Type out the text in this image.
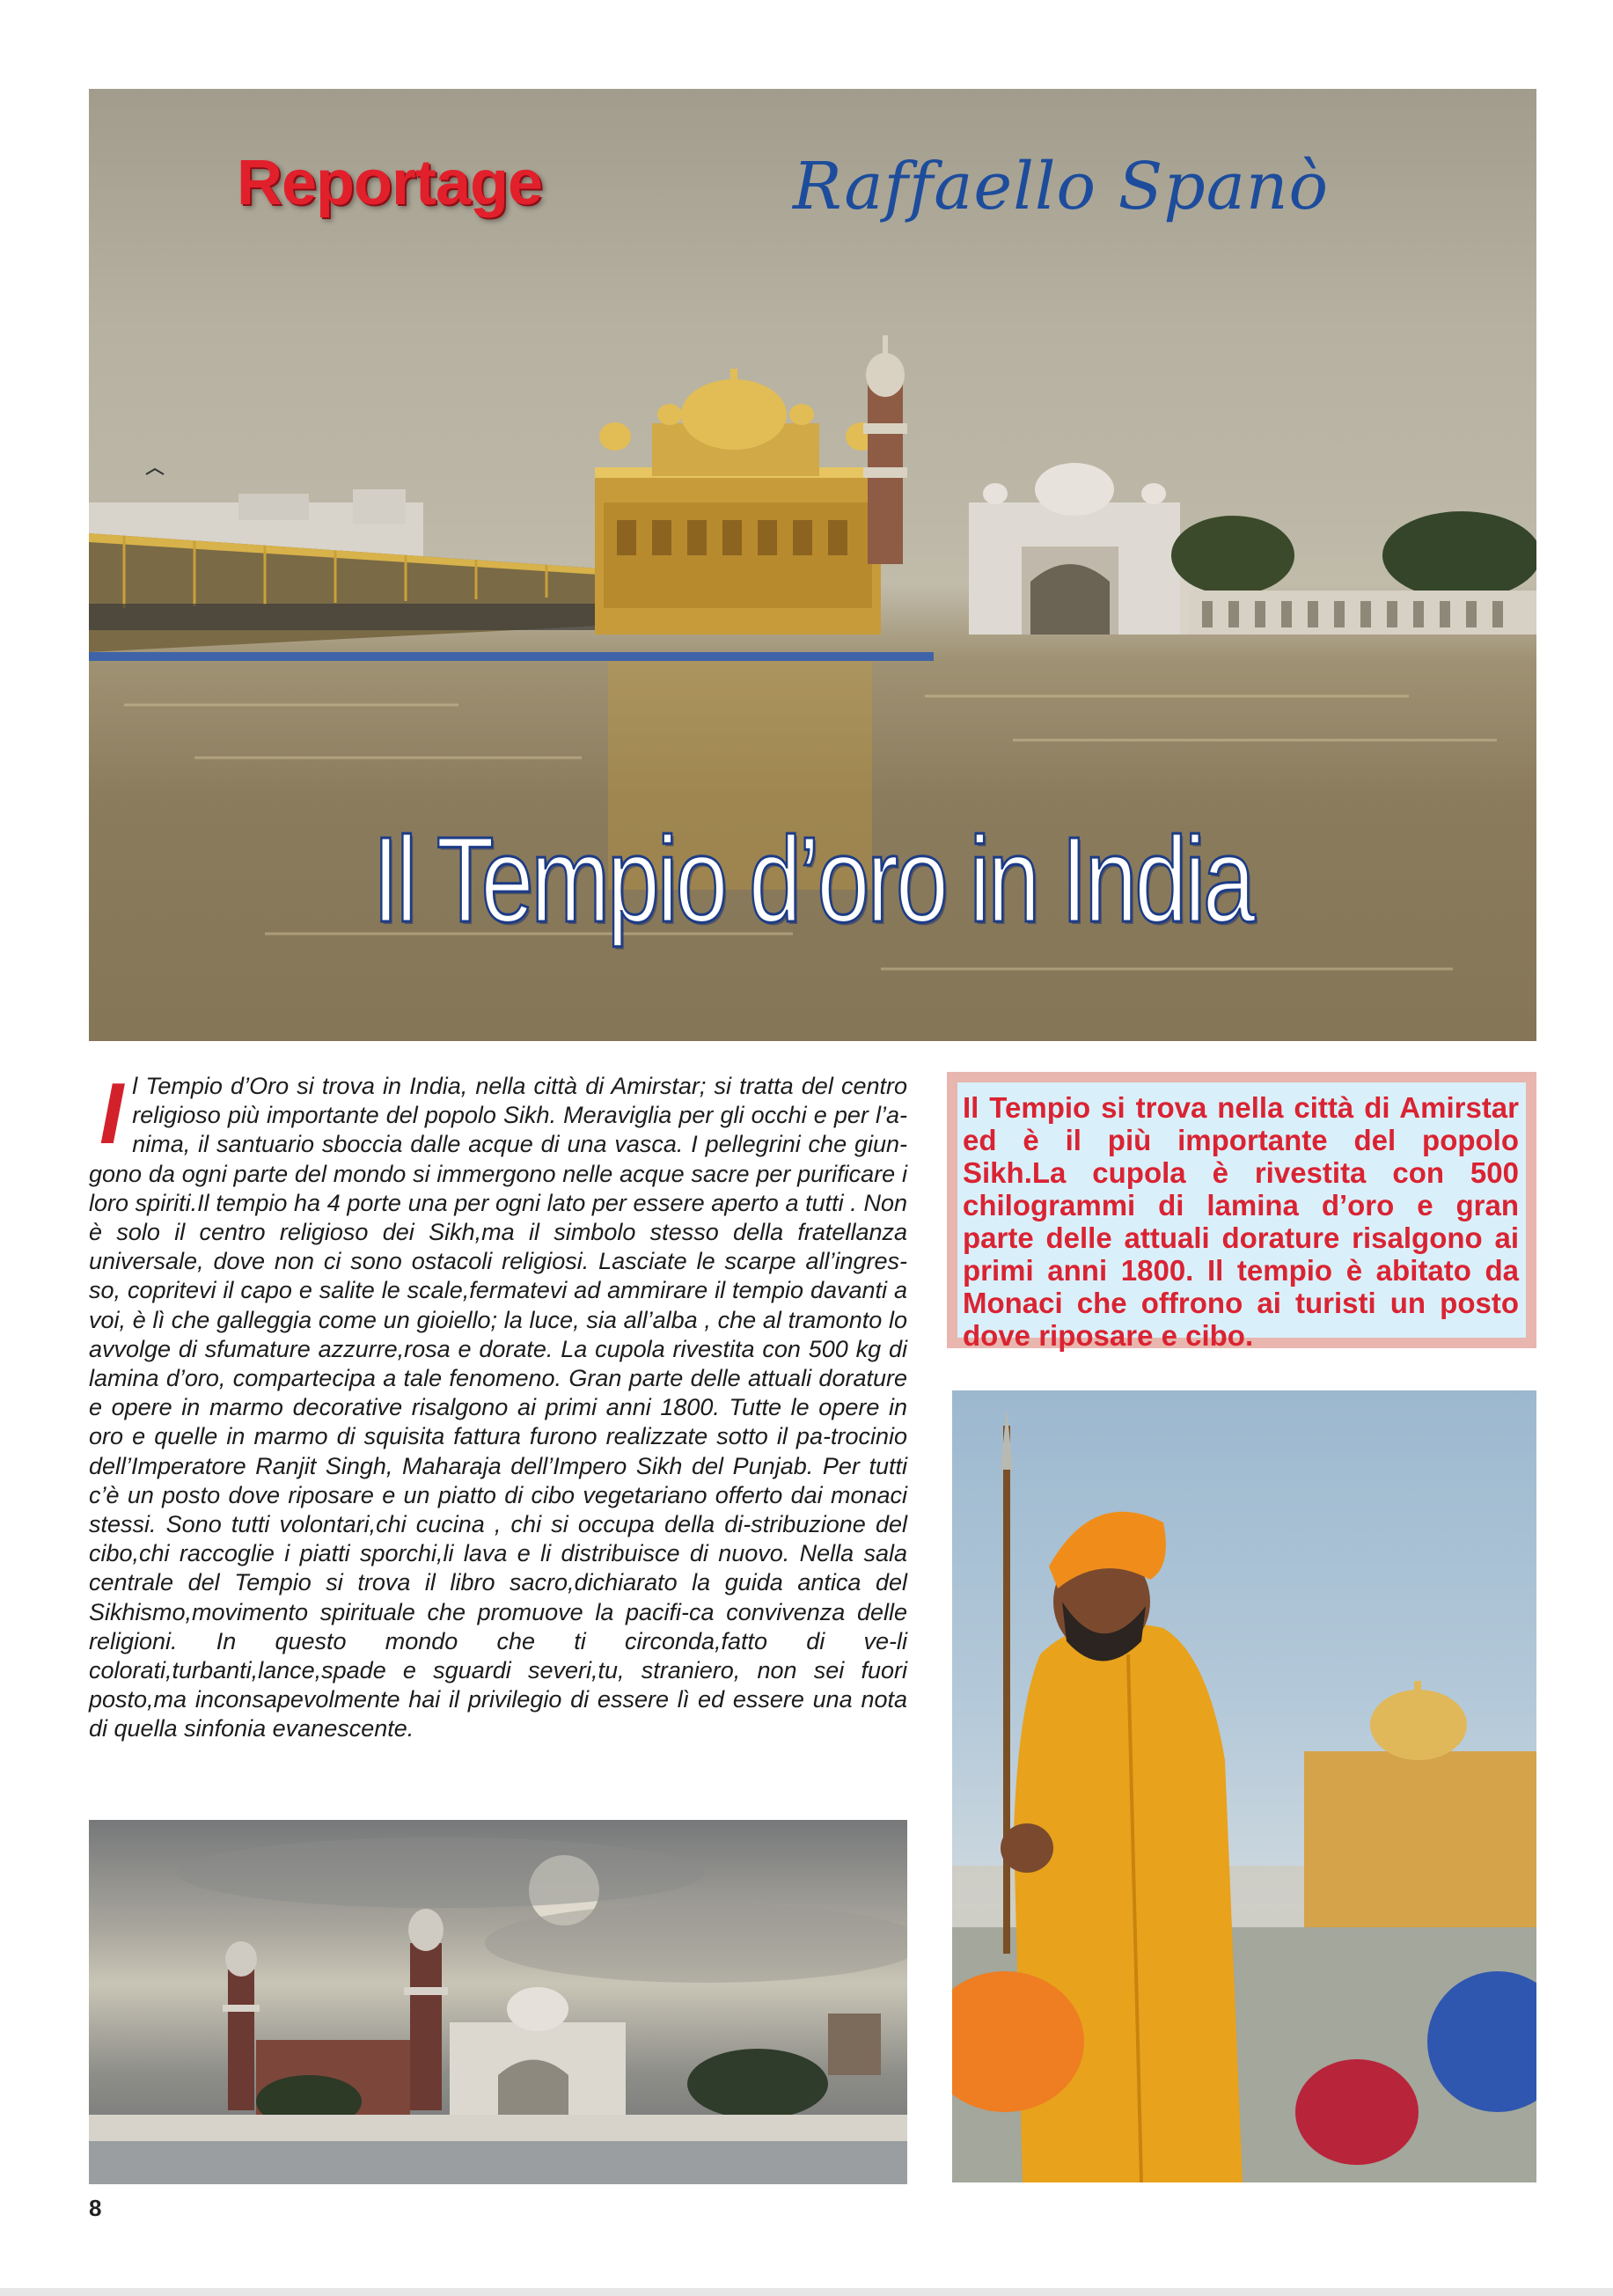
Reportage	Raffaello Spanò
Il Tempio d’oro in India
I l Tempio d’Oro si trova in India, nella città di Amirstar; si tratta del centro religioso più importante del popolo Sikh. Meraviglia per gli occhi e per l’a-nima, il santuario sboccia dalle acque di una vasca. I pellegrini che giun-gono da ogni parte del mondo si immergono nelle acque sacre per purificare i loro spiriti.Il tempio ha 4 porte una per ogni lato per essere aperto a tutti . Non è solo il centro religioso dei Sikh,ma il simbolo stesso della fratellanza universale, dove non ci sono ostacoli religiosi. Lasciate le scarpe all’ingres-so, copritevi il capo e salite le scale,fermatevi ad ammirare il tempio davanti a voi, è lì che galleggia come un gioiello; la luce, sia all’alba , che al tramonto lo avvolge di sfumature azzurre,rosa e dorate. La cupola rivestita con 500 kg di lamina d’oro, compartecipa a tale fenomeno. Gran parte delle attuali dorature e opere in marmo decorative risalgono ai primi anni 1800. Tutte le opere in oro e quelle in marmo di squisita fattura furono realizzate sotto il pa-trocinio dell’Imperatore Ranjit Singh, Maharaja dell’Impero Sikh del Punjab. Per tutti c’è un posto dove riposare e un piatto di cibo vegetariano offerto dai monaci stessi. Sono tutti volontari,chi cucina , chi si occupa della di-stribuzione del cibo,chi raccoglie i piatti sporchi,li lava e li distribuisce di nuovo. Nella sala centrale del Tempio si trova il libro sacro,dichiarato la guida antica del Sikhismo,movimento spirituale che promuove la pacifi-ca convivenza delle religioni. In questo mondo che ti circonda,fatto di ve-li colorati,turbanti,lance,spade e sguardi severi,tu, straniero, non sei fuori posto,ma inconsapevolmente hai il privilegio di essere lì ed essere una nota di quella sinfonia evanescente.
Il Tempio si trova nella città di Amirstar ed è il più importante del popolo Sikh.La cupola è rivestita con 500 chilogrammi di lamina d’oro e gran parte delle attuali dorature risalgono ai primi anni 1800. Il tempio è abitato da Monaci che offrono ai turisti un posto dove riposare e cibo.
8
